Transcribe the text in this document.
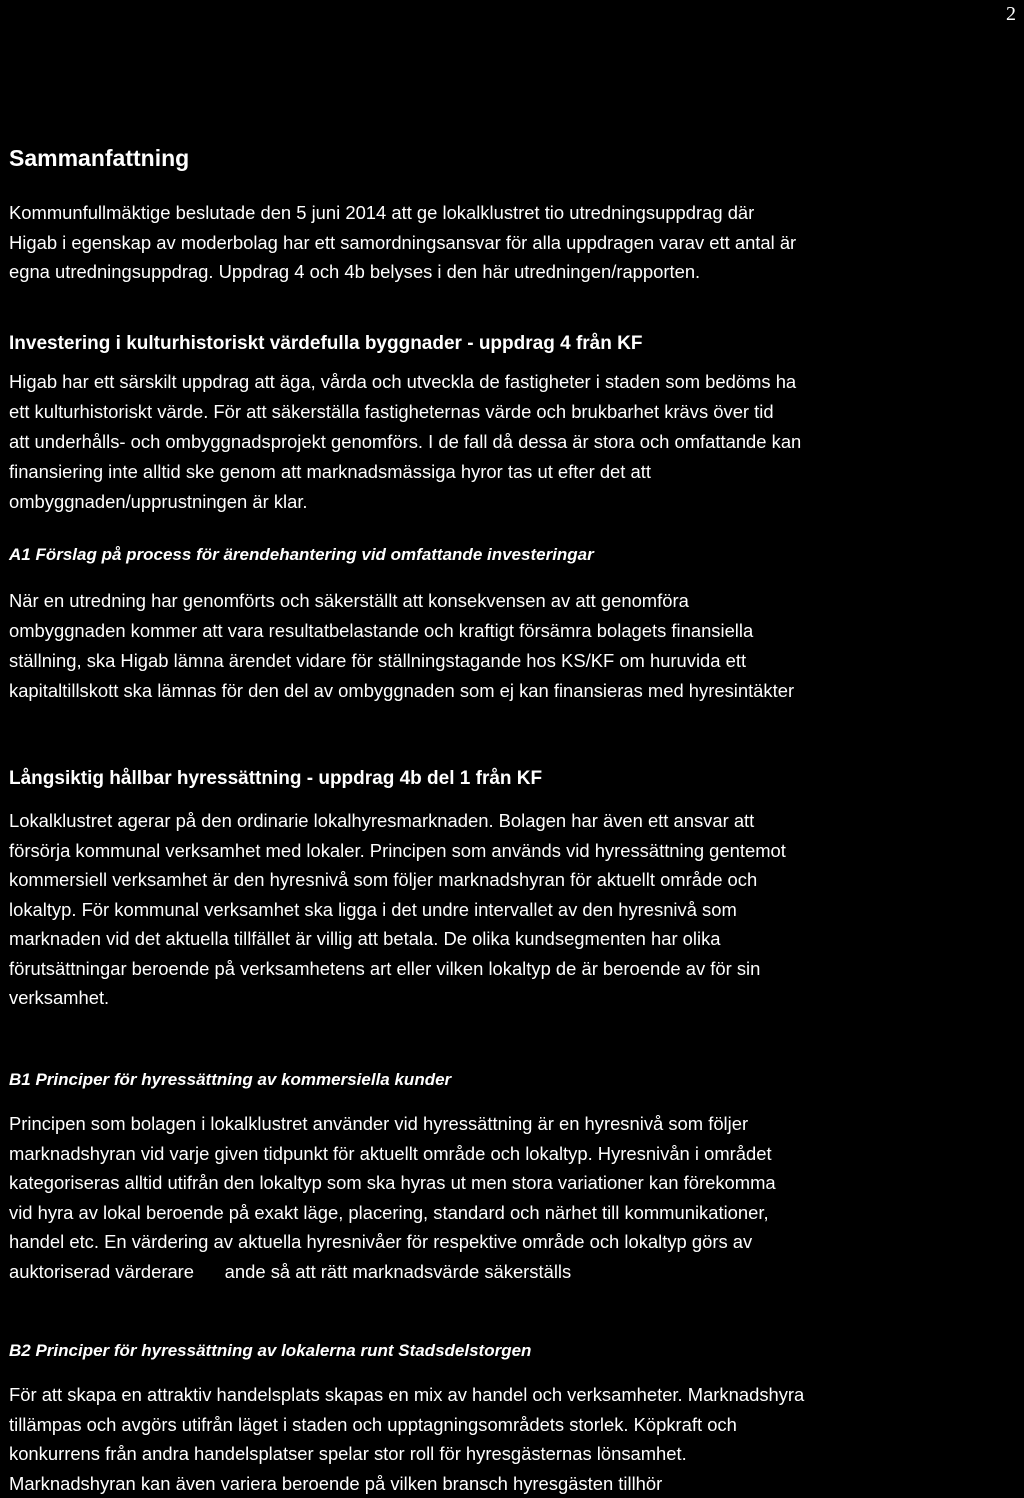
2
Sammanfattning
Kommunfullmäktige beslutade den 5 juni 2014 att ge lokalklustret tio utredningsuppdrag där
Higab i egenskap av moderbolag har ett samordningsansvar för alla uppdragen varav ett antal är
egna utredningsuppdrag. Uppdrag 4 och 4b belyses i den här utredningen/rapporten.
Investering i kulturhistoriskt värdefulla byggnader - uppdrag 4 från KF
Higab har ett särskilt uppdrag att äga, vårda och utveckla de fastigheter i staden som bedöms ha
ett kulturhistoriskt värde. För att säkerställa fastigheternas värde och brukbarhet krävs över tid
att underhålls- och ombyggnadsprojekt genomförs. I de fall då dessa är stora och omfattande kan
finansiering inte alltid ske genom att marknadsmässiga hyror tas ut efter det att
ombyggnaden/upprustningen är klar.
A1 Förslag på process för ärendehantering vid omfattande investeringar
När en utredning har genomförts och säkerställt att konsekvensen av att genomföra
ombyggnaden kommer att vara resultatbelastande och kraftigt försämra bolagets finansiella
ställning, ska Higab lämna ärendet vidare för ställningstagande hos KS/KF om huruvida ett
kapitaltillskott ska lämnas för den del av ombyggnaden som ej kan finansieras med hyresintäkter
Långsiktig hållbar hyressättning - uppdrag 4b del 1 från KF
Lokalklustret agerar på den ordinarie lokalhyresmarknaden. Bolagen har även ett ansvar att
försörja kommunal verksamhet med lokaler. Principen som används vid hyressättning gentemot
kommersiell verksamhet är den hyresnivå som följer marknadshyran för aktuellt område och
lokaltyp. För kommunal verksamhet ska ligga i det undre intervallet av den hyresnivå som
marknaden vid det aktuella tillfället är villig att betala. De olika kundsegmenten har olika
förutsättningar beroende på verksamhetens art eller vilken lokaltyp de är beroende av för sin
verksamhet.
B1 Principer för hyressättning av kommersiella kunder
Principen som bolagen i lokalklustret använder vid hyressättning är en hyresnivå som följer
marknadshyran vid varje given tidpunkt för aktuellt område och lokaltyp. Hyresnivån i området
kategoriseras alltid utifrån den lokaltyp som ska hyras ut men stora variationer kan förekomma
vid hyra av lokal beroende på exakt läge, placering, standard och närhet till kommunikationer,
handel etc. En värdering av aktuella hyresnivåer för respektive område och lokaltyp görs av
auktoriserad värderare      ande så att rätt marknadsvärde säkerställs
B2 Principer för hyressättning av lokalerna runt Stadsdelstorgen
För att skapa en attraktiv handelsplats skapas en mix av handel och verksamheter. Marknadshyra
tillämpas och avgörs utifrån läget i staden och upptagningsområdets storlek. Köpkraft och
konkurrens från andra handelsplatser spelar stor roll för hyresgästernas lönsamhet.
Marknadshyran kan även variera beroende på vilken bransch hyresgästen tillhör
